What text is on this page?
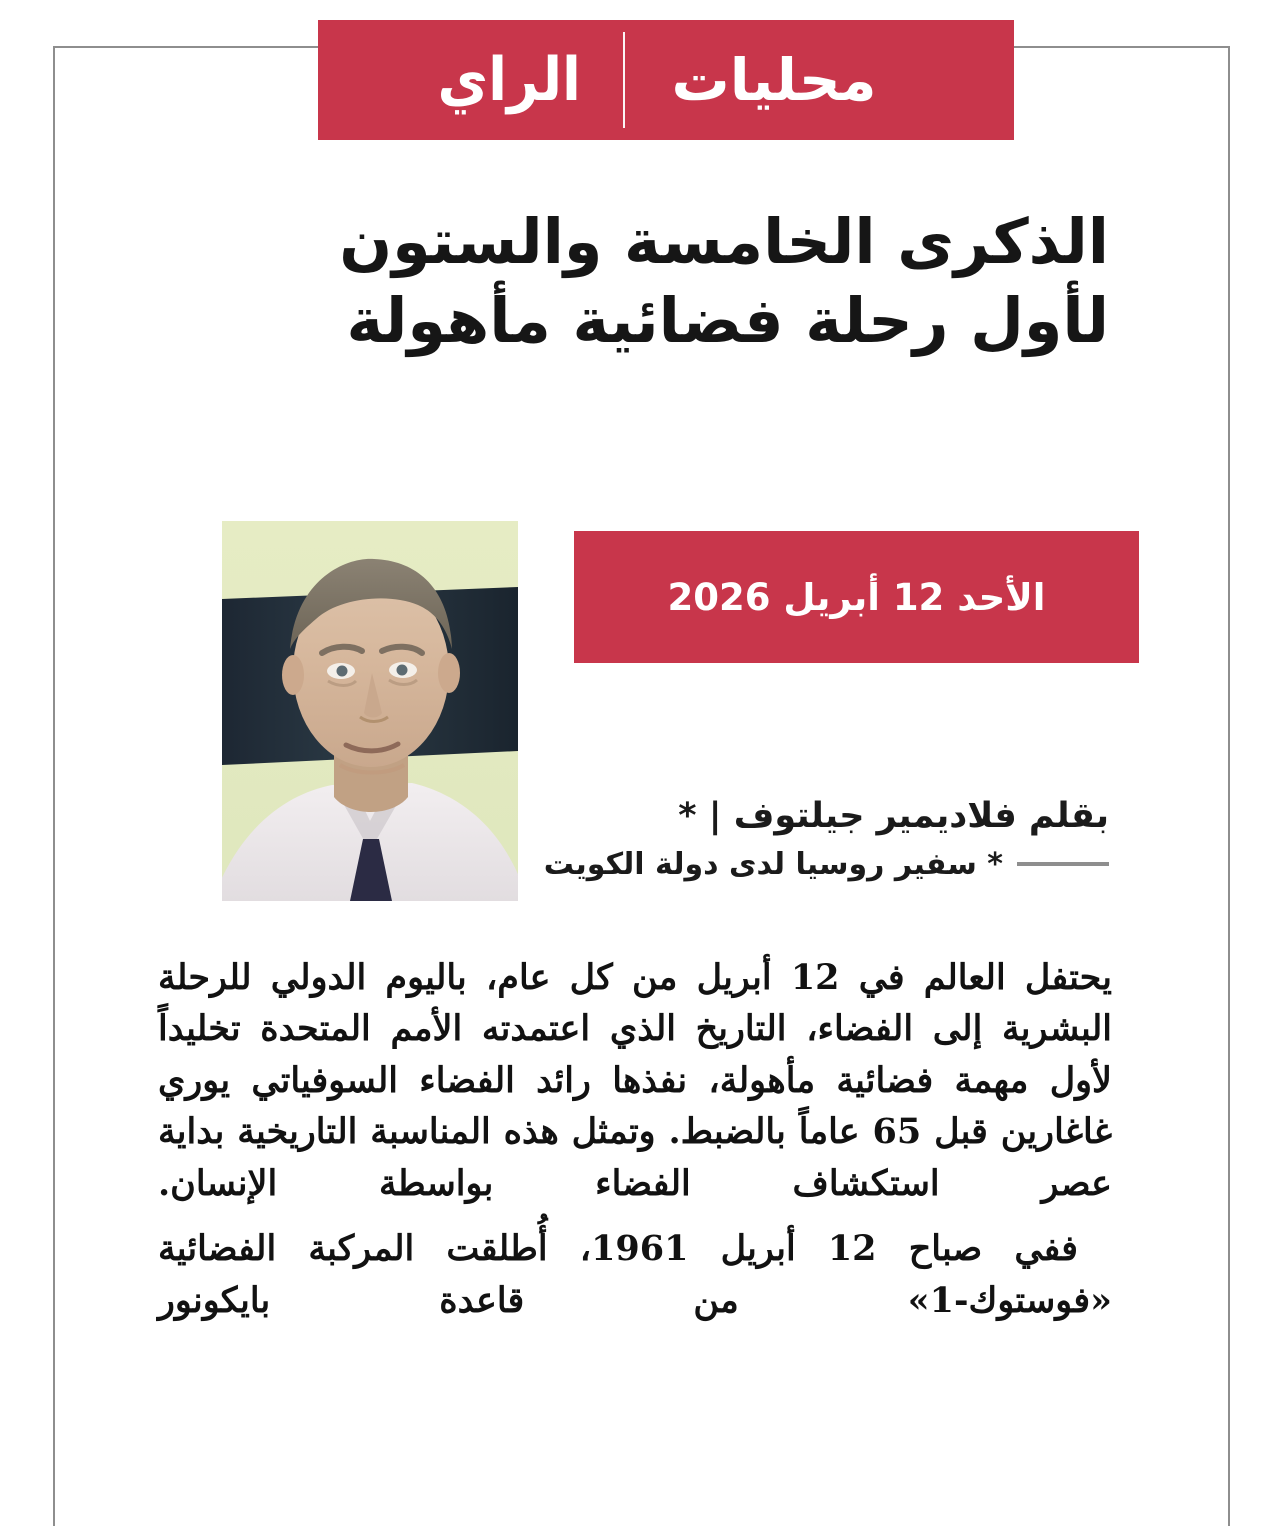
محليات
الراي
الذكرى الخامسة والستون
لأول رحلة فضائية مأهولة
الأحد 12 أبريل 2026
بقلم فلاديمير جيلتوف | *
* سفير روسيا لدى دولة الكويت

يحتفل العالم في 12 أبريل من كل عام، باليوم الدولي للرحلة البشرية إلى الفضاء، التاريخ الذي اعتمدته الأمم المتحدة تخليداً لأول مهمة فضائية مأهولة، نفذها رائد الفضاء السوفياتي يوري غاغارين قبل 65 عاماً بالضبط. وتمثل هذه المناسبة التاريخية بداية عصر استكشاف الفضاء بواسطة الإنسان.

ففي صباح 12 أبريل 1961، أُطلقت المركبة الفضائية «فوستوك-1» من قاعدة بايكونور
